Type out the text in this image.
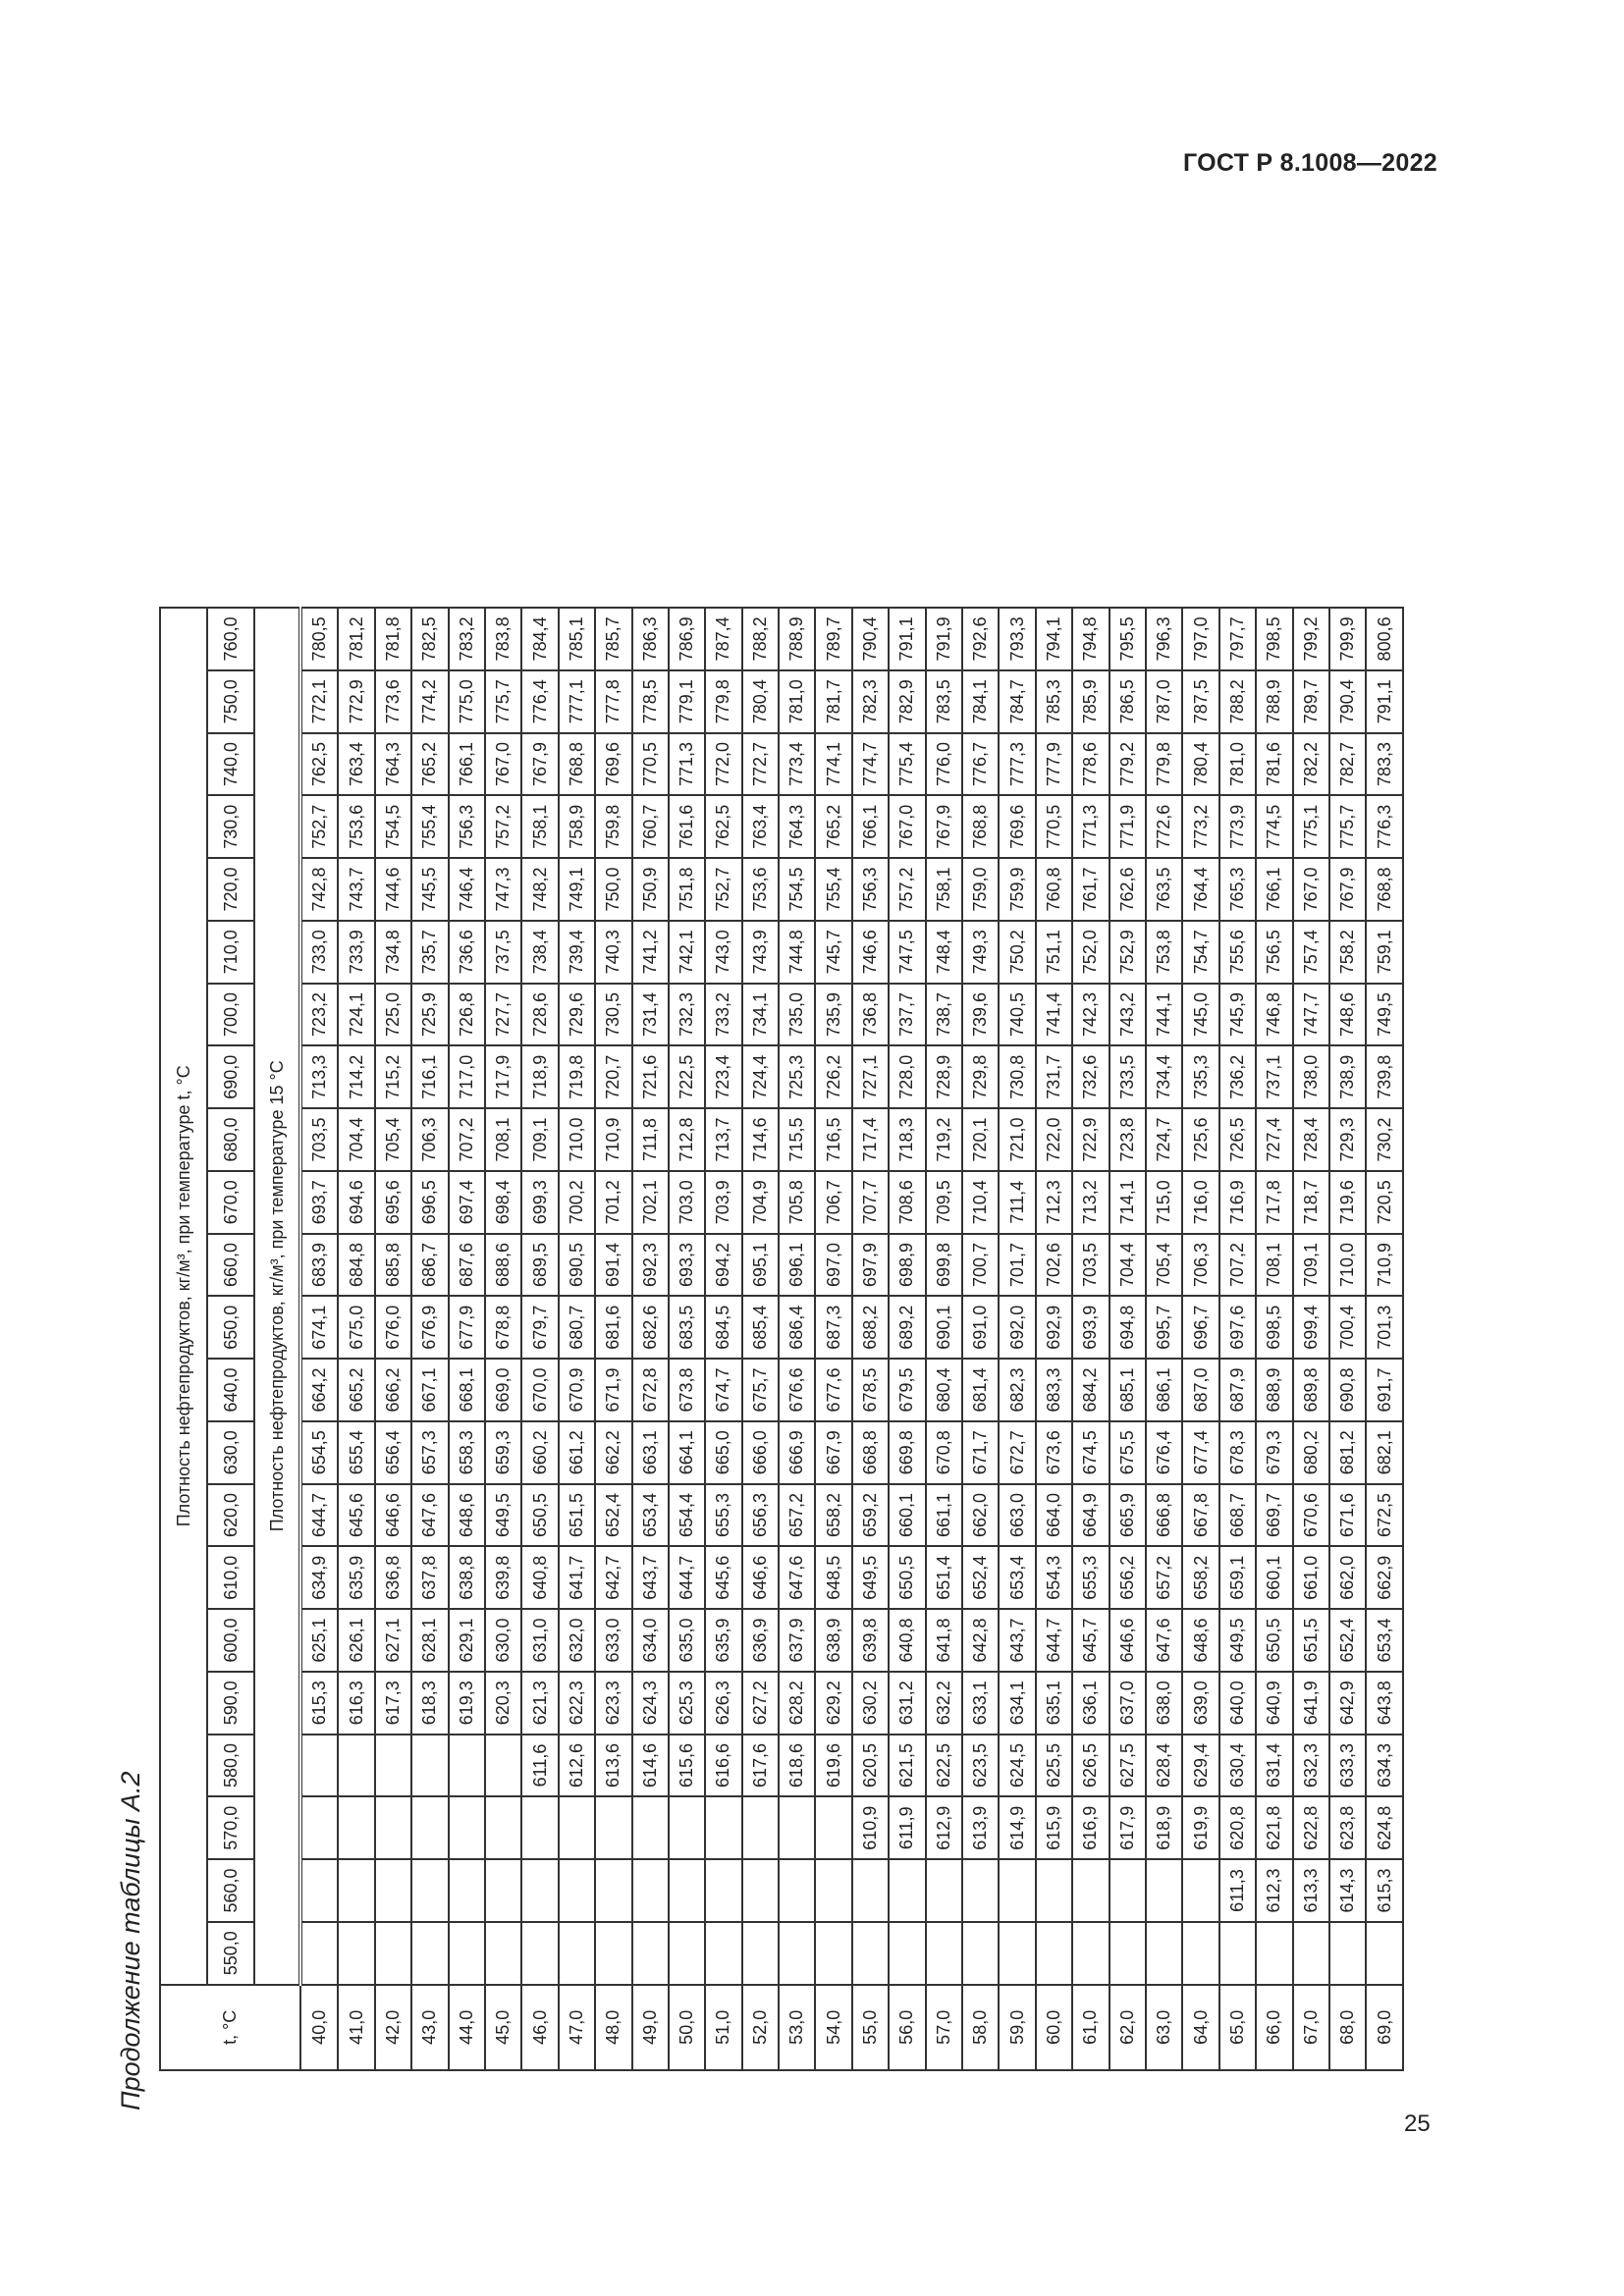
ГОСТ Р 8.1008—2022
Продолжение таблицы А.2
25
t, °C	Плотность нефтепродуктов, кг/м³, при температуре t, °C																					
	550,0	560,0	570,0	580,0	590,0	600,0	610,0	620,0	630,0	640,0	650,0	660,0	670,0	680,0	690,0	700,0	710,0	720,0	730,0	740,0	750,0	760,0
	Плотность нефтепродуктов, кг/м³, при температуре 15 °C																					
40,0					615,3	625,1	634,9	644,7	654,5	664,2	674,1	683,9	693,7	703,5	713,3	723,2	733,0	742,8	752,7	762,5	772,1	780,5
41,0					616,3	626,1	635,9	645,6	655,4	665,2	675,0	684,8	694,6	704,4	714,2	724,1	733,9	743,7	753,6	763,4	772,9	781,2
42,0					617,3	627,1	636,8	646,6	656,4	666,2	676,0	685,8	695,6	705,4	715,2	725,0	734,8	744,6	754,5	764,3	773,6	781,8
43,0					618,3	628,1	637,8	647,6	657,3	667,1	676,9	686,7	696,5	706,3	716,1	725,9	735,7	745,5	755,4	765,2	774,2	782,5
44,0					619,3	629,1	638,8	648,6	658,3	668,1	677,9	687,6	697,4	707,2	717,0	726,8	736,6	746,4	756,3	766,1	775,0	783,2
45,0					620,3	630,0	639,8	649,5	659,3	669,0	678,8	688,6	698,4	708,1	717,9	727,7	737,5	747,3	757,2	767,0	775,7	783,8
46,0				611,6	621,3	631,0	640,8	650,5	660,2	670,0	679,7	689,5	699,3	709,1	718,9	728,6	738,4	748,2	758,1	767,9	776,4	784,4
47,0				612,6	622,3	632,0	641,7	651,5	661,2	670,9	680,7	690,5	700,2	710,0	719,8	729,6	739,4	749,1	758,9	768,8	777,1	785,1
48,0				613,6	623,3	633,0	642,7	652,4	662,2	671,9	681,6	691,4	701,2	710,9	720,7	730,5	740,3	750,0	759,8	769,6	777,8	785,7
49,0				614,6	624,3	634,0	643,7	653,4	663,1	672,8	682,6	692,3	702,1	711,8	721,6	731,4	741,2	750,9	760,7	770,5	778,5	786,3
50,0				615,6	625,3	635,0	644,7	654,4	664,1	673,8	683,5	693,3	703,0	712,8	722,5	732,3	742,1	751,8	761,6	771,3	779,1	786,9
51,0				616,6	626,3	635,9	645,6	655,3	665,0	674,7	684,5	694,2	703,9	713,7	723,4	733,2	743,0	752,7	762,5	772,0	779,8	787,4
52,0				617,6	627,2	636,9	646,6	656,3	666,0	675,7	685,4	695,1	704,9	714,6	724,4	734,1	743,9	753,6	763,4	772,7	780,4	788,2
53,0				618,6	628,2	637,9	647,6	657,2	666,9	676,6	686,4	696,1	705,8	715,5	725,3	735,0	744,8	754,5	764,3	773,4	781,0	788,9
54,0				619,6	629,2	638,9	648,5	658,2	667,9	677,6	687,3	697,0	706,7	716,5	726,2	735,9	745,7	755,4	765,2	774,1	781,7	789,7
55,0			610,9	620,5	630,2	639,8	649,5	659,2	668,8	678,5	688,2	697,9	707,7	717,4	727,1	736,8	746,6	756,3	766,1	774,7	782,3	790,4
56,0			611,9	621,5	631,2	640,8	650,5	660,1	669,8	679,5	689,2	698,9	708,6	718,3	728,0	737,7	747,5	757,2	767,0	775,4	782,9	791,1
57,0			612,9	622,5	632,2	641,8	651,4	661,1	670,8	680,4	690,1	699,8	709,5	719,2	728,9	738,7	748,4	758,1	767,9	776,0	783,5	791,9
58,0			613,9	623,5	633,1	642,8	652,4	662,0	671,7	681,4	691,0	700,7	710,4	720,1	729,8	739,6	749,3	759,0	768,8	776,7	784,1	792,6
59,0			614,9	624,5	634,1	643,7	653,4	663,0	672,7	682,3	692,0	701,7	711,4	721,0	730,8	740,5	750,2	759,9	769,6	777,3	784,7	793,3
60,0			615,9	625,5	635,1	644,7	654,3	664,0	673,6	683,3	692,9	702,6	712,3	722,0	731,7	741,4	751,1	760,8	770,5	777,9	785,3	794,1
61,0			616,9	626,5	636,1	645,7	655,3	664,9	674,5	684,2	693,9	703,5	713,2	722,9	732,6	742,3	752,0	761,7	771,3	778,6	785,9	794,8
62,0			617,9	627,5	637,0	646,6	656,2	665,9	675,5	685,1	694,8	704,4	714,1	723,8	733,5	743,2	752,9	762,6	771,9	779,2	786,5	795,5
63,0			618,9	628,4	638,0	647,6	657,2	666,8	676,4	686,1	695,7	705,4	715,0	724,7	734,4	744,1	753,8	763,5	772,6	779,8	787,0	796,3
64,0			619,9	629,4	639,0	648,6	658,2	667,8	677,4	687,0	696,7	706,3	716,0	725,6	735,3	745,0	754,7	764,4	773,2	780,4	787,5	797,0
65,0		611,3	620,8	630,4	640,0	649,5	659,1	668,7	678,3	687,9	697,6	707,2	716,9	726,5	736,2	745,9	755,6	765,3	773,9	781,0	788,2	797,7
66,0		612,3	621,8	631,4	640,9	650,5	660,1	669,7	679,3	688,9	698,5	708,1	717,8	727,4	737,1	746,8	756,5	766,1	774,5	781,6	788,9	798,5
67,0		613,3	622,8	632,3	641,9	651,5	661,0	670,6	680,2	689,8	699,4	709,1	718,7	728,4	738,0	747,7	757,4	767,0	775,1	782,2	789,7	799,2
68,0		614,3	623,8	633,3	642,9	652,4	662,0	671,6	681,2	690,8	700,4	710,0	719,6	729,3	738,9	748,6	758,2	767,9	775,7	782,7	790,4	799,9
69,0		615,3	624,8	634,3	643,8	653,4	662,9	672,5	682,1	691,7	701,3	710,9	720,5	730,2	739,8	749,5	759,1	768,8	776,3	783,3	791,1	800,6
